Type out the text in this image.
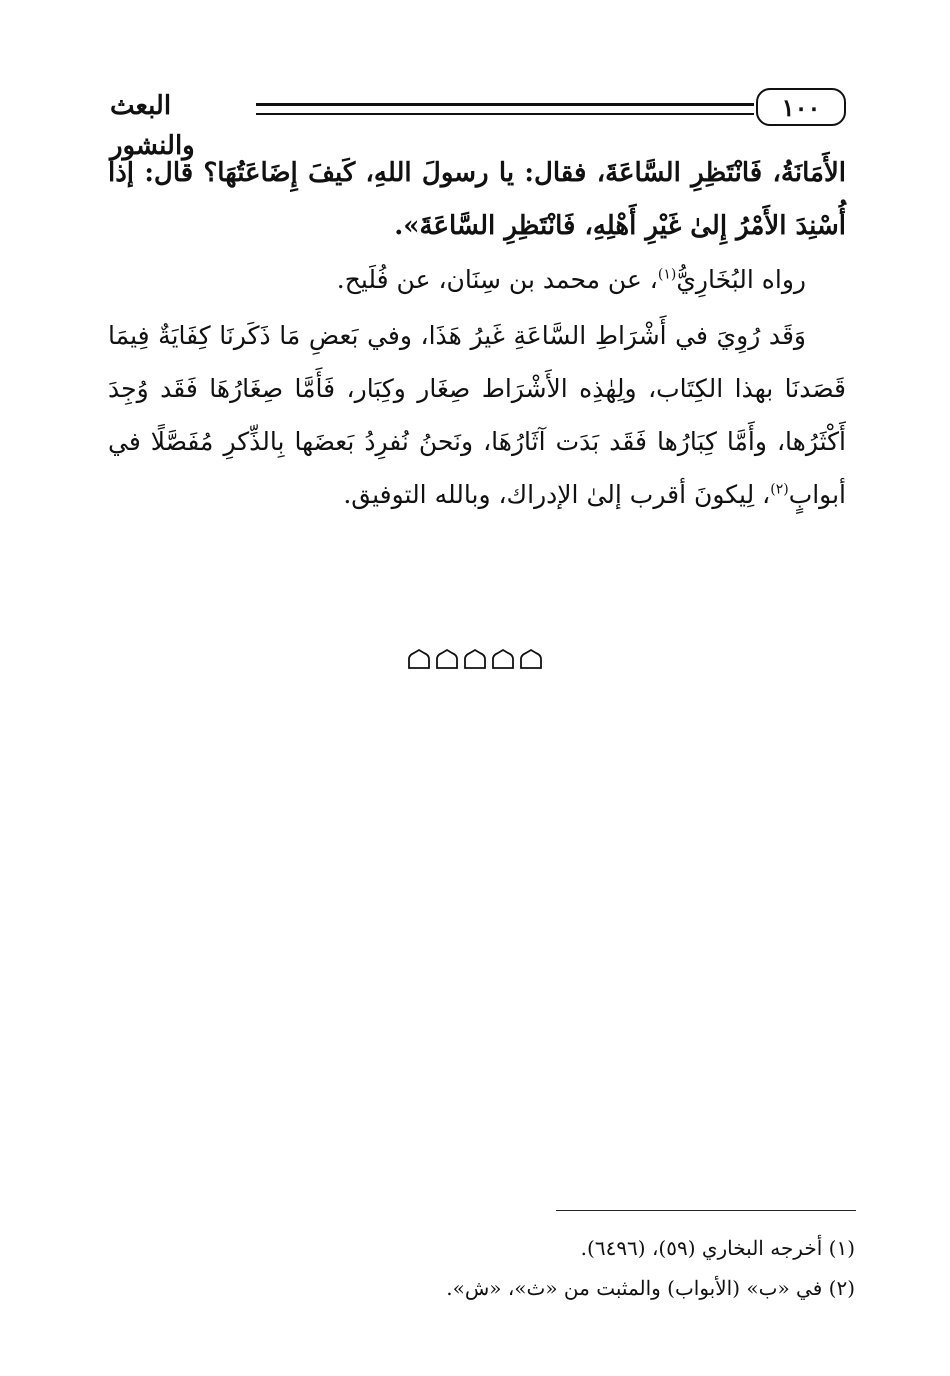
البعث والنشور
١٠٠
الأَمَانَةُ، فَانْتَظِرِ السَّاعَةَ، فقال: يا رسولَ اللهِ، كَيفَ إِضَاعَتُهَا؟ قال: إذا أُسْنِدَ الأَمْرُ إِلىٰ غَيْرِ أَهْلِهِ، فَانْتَظِرِ السَّاعَةَ».
رواه البُخَارِيُّ$^{(١)}$، عن محمد بن سِنَان، عن فُلَيح.
وَقَد رُوِيَ في أَشْرَاطِ السَّاعَةِ غَيرُ هَذَا، وفي بَعضِ مَا ذَكَرنَا كِفَايَةٌ فِيمَا قَصَدنَا بهذا الكِتَاب، ولِهٰذِه الأَشْرَاط صِغَار وكِبَار، فَأَمَّا صِغَارُهَا فَقَد وُجِدَ أَكْثَرُها، وأَمَّا كِبَارُها فَقَد بَدَت آثَارُهَا، ونَحنُ نُفرِدُ بَعضَها بِالذِّكرِ مُفَصَّلًا في أبوابٍ$^{(٢)}$، لِيكونَ أقرب إلىٰ الإدراك، وبالله التوفيق.
(١) أخرجه البخاري (٥٩)، (٦٤٩٦).
(٢) في «ب» (الأبواب) والمثبت من «ث»، «ش».
